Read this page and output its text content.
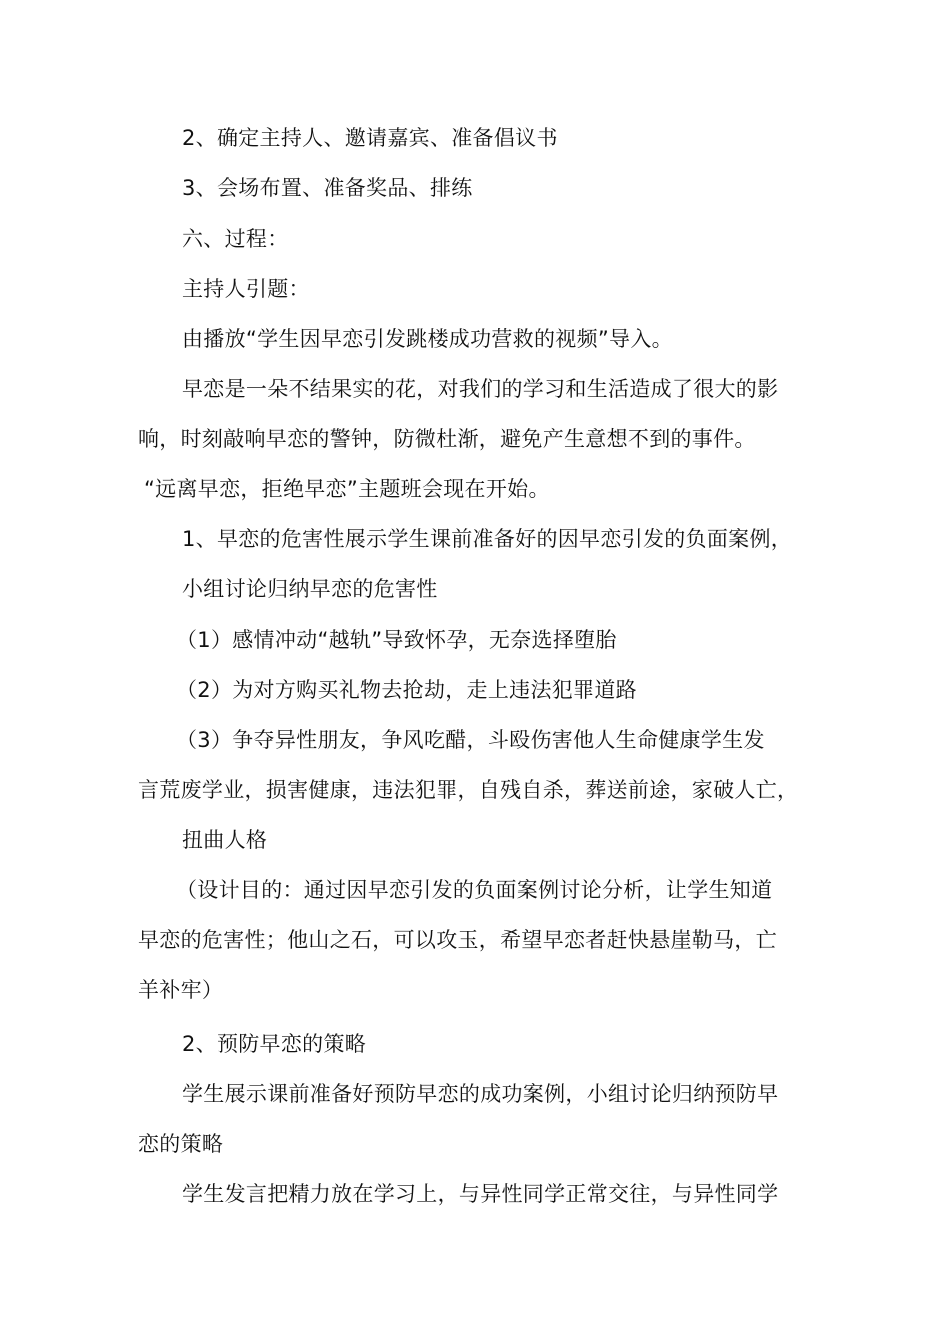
2、确定主持人、邀请嘉宾、准备倡议书
3、会场布置、准备奖品、排练
六、过程：
主持人引题：
由播放“学生因早恋引发跳楼成功营救的视频”导入。
早恋是一朵不结果实的花，对我们的学习和生活造成了很大的影
响，时刻敲响早恋的警钟，防微杜渐，避免产生意想不到的事件。
“远离早恋，拒绝早恋”主题班会现在开始。
1、早恋的危害性展示学生课前准备好的因早恋引发的负面案例，
小组讨论归纳早恋的危害性
（1）感情冲动“越轨”导致怀孕，无奈选择堕胎
（2）为对方购买礼物去抢劫，走上违法犯罪道路
（3）争夺异性朋友，争风吃醋，斗殴伤害他人生命健康学生发
言荒废学业，损害健康，违法犯罪，自残自杀，葬送前途，家破人亡，
扭曲人格
（设计目的：通过因早恋引发的负面案例讨论分析，让学生知道
早恋的危害性；他山之石，可以攻玉，希望早恋者赶快悬崖勒马，亡
羊补牢）
2、预防早恋的策略
学生展示课前准备好预防早恋的成功案例，小组讨论归纳预防早
恋的策略
学生发言把精力放在学习上，与异性同学正常交往，与异性同学
